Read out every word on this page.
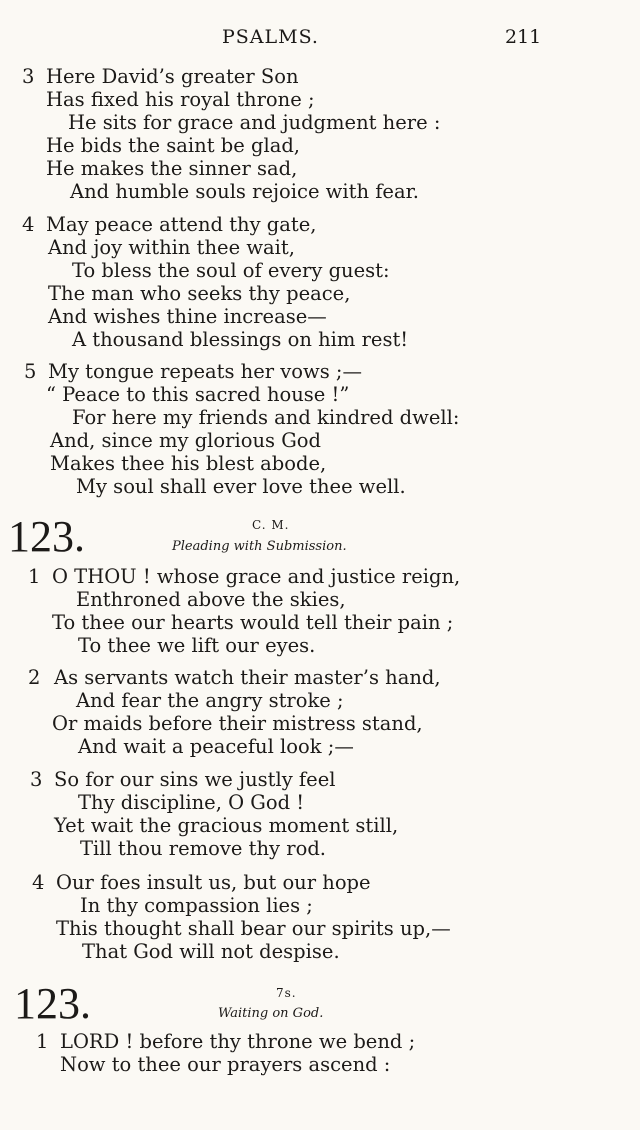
PSALMS.	211
3 Here David’s greater Son
Has fixed his royal throne ;
He sits for grace and judgment here :
He bids the saint be glad,
He makes the sinner sad,
And humble souls rejoice with fear.
4 May peace attend thy gate,
And joy within thee wait,
To bless the soul of every guest:
The man who seeks thy peace,
And wishes thine increase—
A thousand blessings on him rest!
5 My tongue repeats her vows ;—
“ Peace to this sacred house !”
For here my friends and kindred dwell:
And, since my glorious God
Makes thee his blest abode,
My soul shall ever love thee well.
123.	C. M.
Pleading with Submission.
1 O THOU ! whose grace and justice reign,
Enthroned above the skies,
To thee our hearts would tell their pain ;
To thee we lift our eyes.
2 As servants watch their master’s hand,
And fear the angry stroke ;
Or maids before their mistress stand,
And wait a peaceful look ;—
3 So for our sins we justly feel
Thy discipline, O God !
Yet wait the gracious moment still,
Till thou remove thy rod.
4 Our foes insult us, but our hope
In thy compassion lies ;
This thought shall bear our spirits up,—
That God will not despise.
123.	7s.
Waiting on God.
1 LORD ! before thy throne we bend ;
Now to thee our prayers ascend :
